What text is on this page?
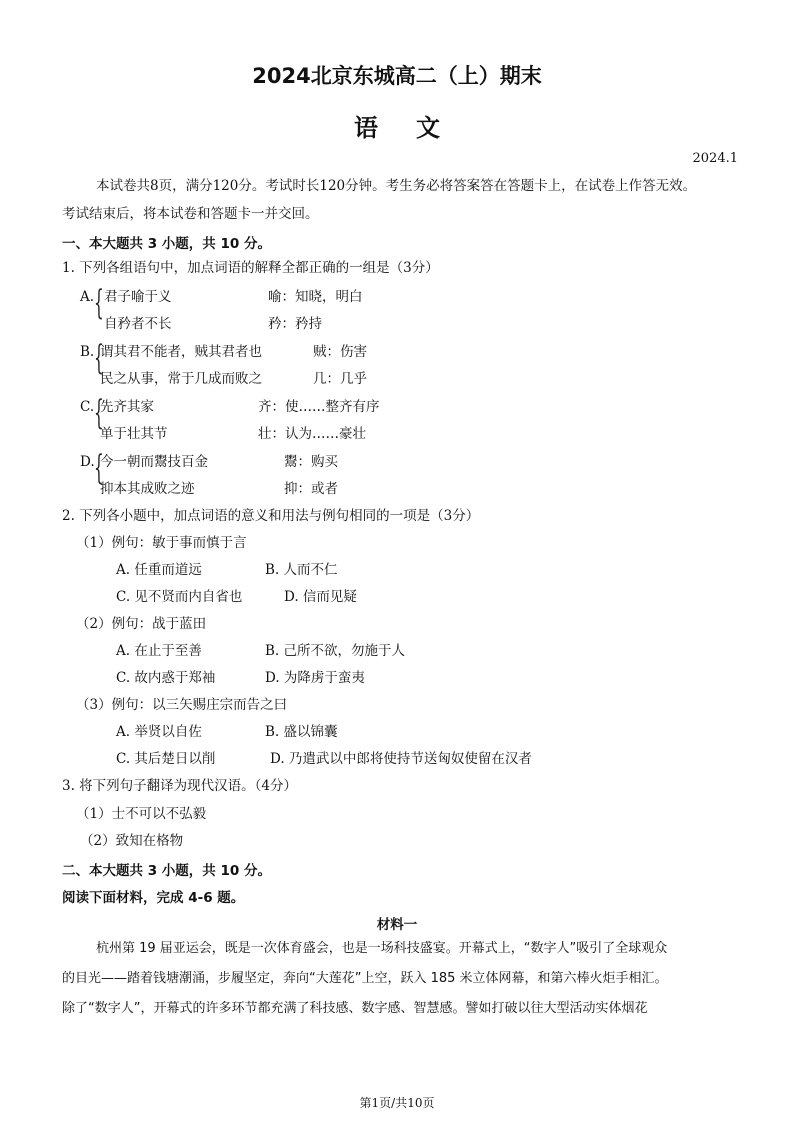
2024北京东城高二（上）期末
语文
2024.1
本试卷共8页，满分120分。考试时长120分钟。考生务必将答案答在答题卡上，在试卷上作答无效。
考试结束后，将本试卷和答题卡一并交回。
一、本大题共 3 小题，共 10 分。
1. 下列各组语句中，加点词语的解释全都正确的一组是（3分）
A. { 君子喻于义	喻：知晓，明白
自矜者不长	矜：矜持
B. {
谓其君不能者，贼其君者也	贼：伤害
民之从事，常于几成而败之	几：几乎
C. {
先齐其家	齐：使……整齐有序
单于壮其节	壮：认为……豪壮
D. {
今一朝而鬻技百金	鬻：购买
抑本其成败之迹	抑：或者
2. 下列各小题中，加点词语的意义和用法与例句相同的一项是（3分）
（1）例句：敏于事而慎于言
A. 任重而道远	B. 人而不仁
C. 见不贤而内自省也	D. 信而见疑
（2）例句：战于蓝田
A. 在止于至善	B. 己所不欲，勿施于人
C. 故内惑于郑袖	D. 为降虏于蛮夷
（3）例句：以三矢赐庄宗而告之曰
A. 举贤以自佐	B. 盛以锦囊
C. 其后楚日以削	D. 乃遣武以中郎将使持节送匈奴使留在汉者
3. 将下列句子翻译为现代汉语。（4分）
（1）士不可以不弘毅
（2）致知在格物
二、本大题共 3 小题，共 10 分。
阅读下面材料，完成 4-6 题。
材料一
杭州第 19 届亚运会，既是一次体育盛会，也是一场科技盛宴。开幕式上，“数字人”吸引了全球观众
的目光——踏着钱塘潮涌，步履坚定，奔向“大莲花”上空，跃入 185 米立体网幕，和第六棒火炬手相汇。
除了“数字人”，开幕式的许多环节都充满了科技感、数字感、智慧感。譬如打破以往大型活动实体烟花
第1页/共10页
